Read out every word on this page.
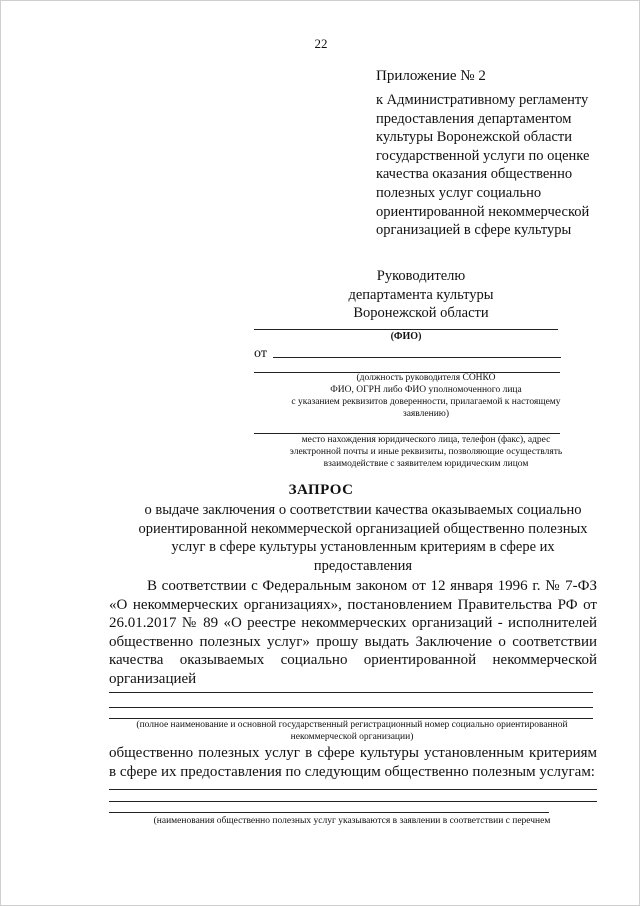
22
Приложение № 2
к Административному регламенту
предоставления департаментом
культуры Воронежской области
государственной услуги по оценке
качества оказания общественно
полезных услуг социально
ориентированной некоммерческой
организацией в сфере культуры
Руководителю
департамента культуры
Воронежской области
(ФИО)
от
(должность руководителя СОНКО
ФИО, ОГРН либо ФИО уполномоченного лица
с указанием реквизитов доверенности, прилагаемой к настоящему
заявлению)
место нахождения юридического лица, телефон (факс), адрес
электронной почты и иные реквизиты, позволяющие осуществлять
взаимодействие с заявителем юридическим лицом
ЗАПРОС
о выдаче заключения о соответствии качества оказываемых социально
ориентированной некоммерческой организацией общественно полезных
услуг в сфере культуры установленным критериям в сфере их
предоставления

В соответствии с Федеральным законом от 12 января 1996 г. № 7-ФЗ «О некоммерческих организациях», постановлением Правительства РФ от 26.01.2017 № 89 «О реестре некоммерческих организаций - исполнителей общественно полезных услуг» прошу выдать Заключение о соответствии качества оказываемых социально ориентированной некоммерческой организацией

(полное наименование и основной государственный регистрационный номер социально ориентированной
некоммерческой организации)
общественно полезных услуг в сфере культуры установленным критериям в сфере их предоставления по следующим общественно полезным услугам:
(наименования общественно полезных услуг указываются в заявлении в соответствии с перечнем
